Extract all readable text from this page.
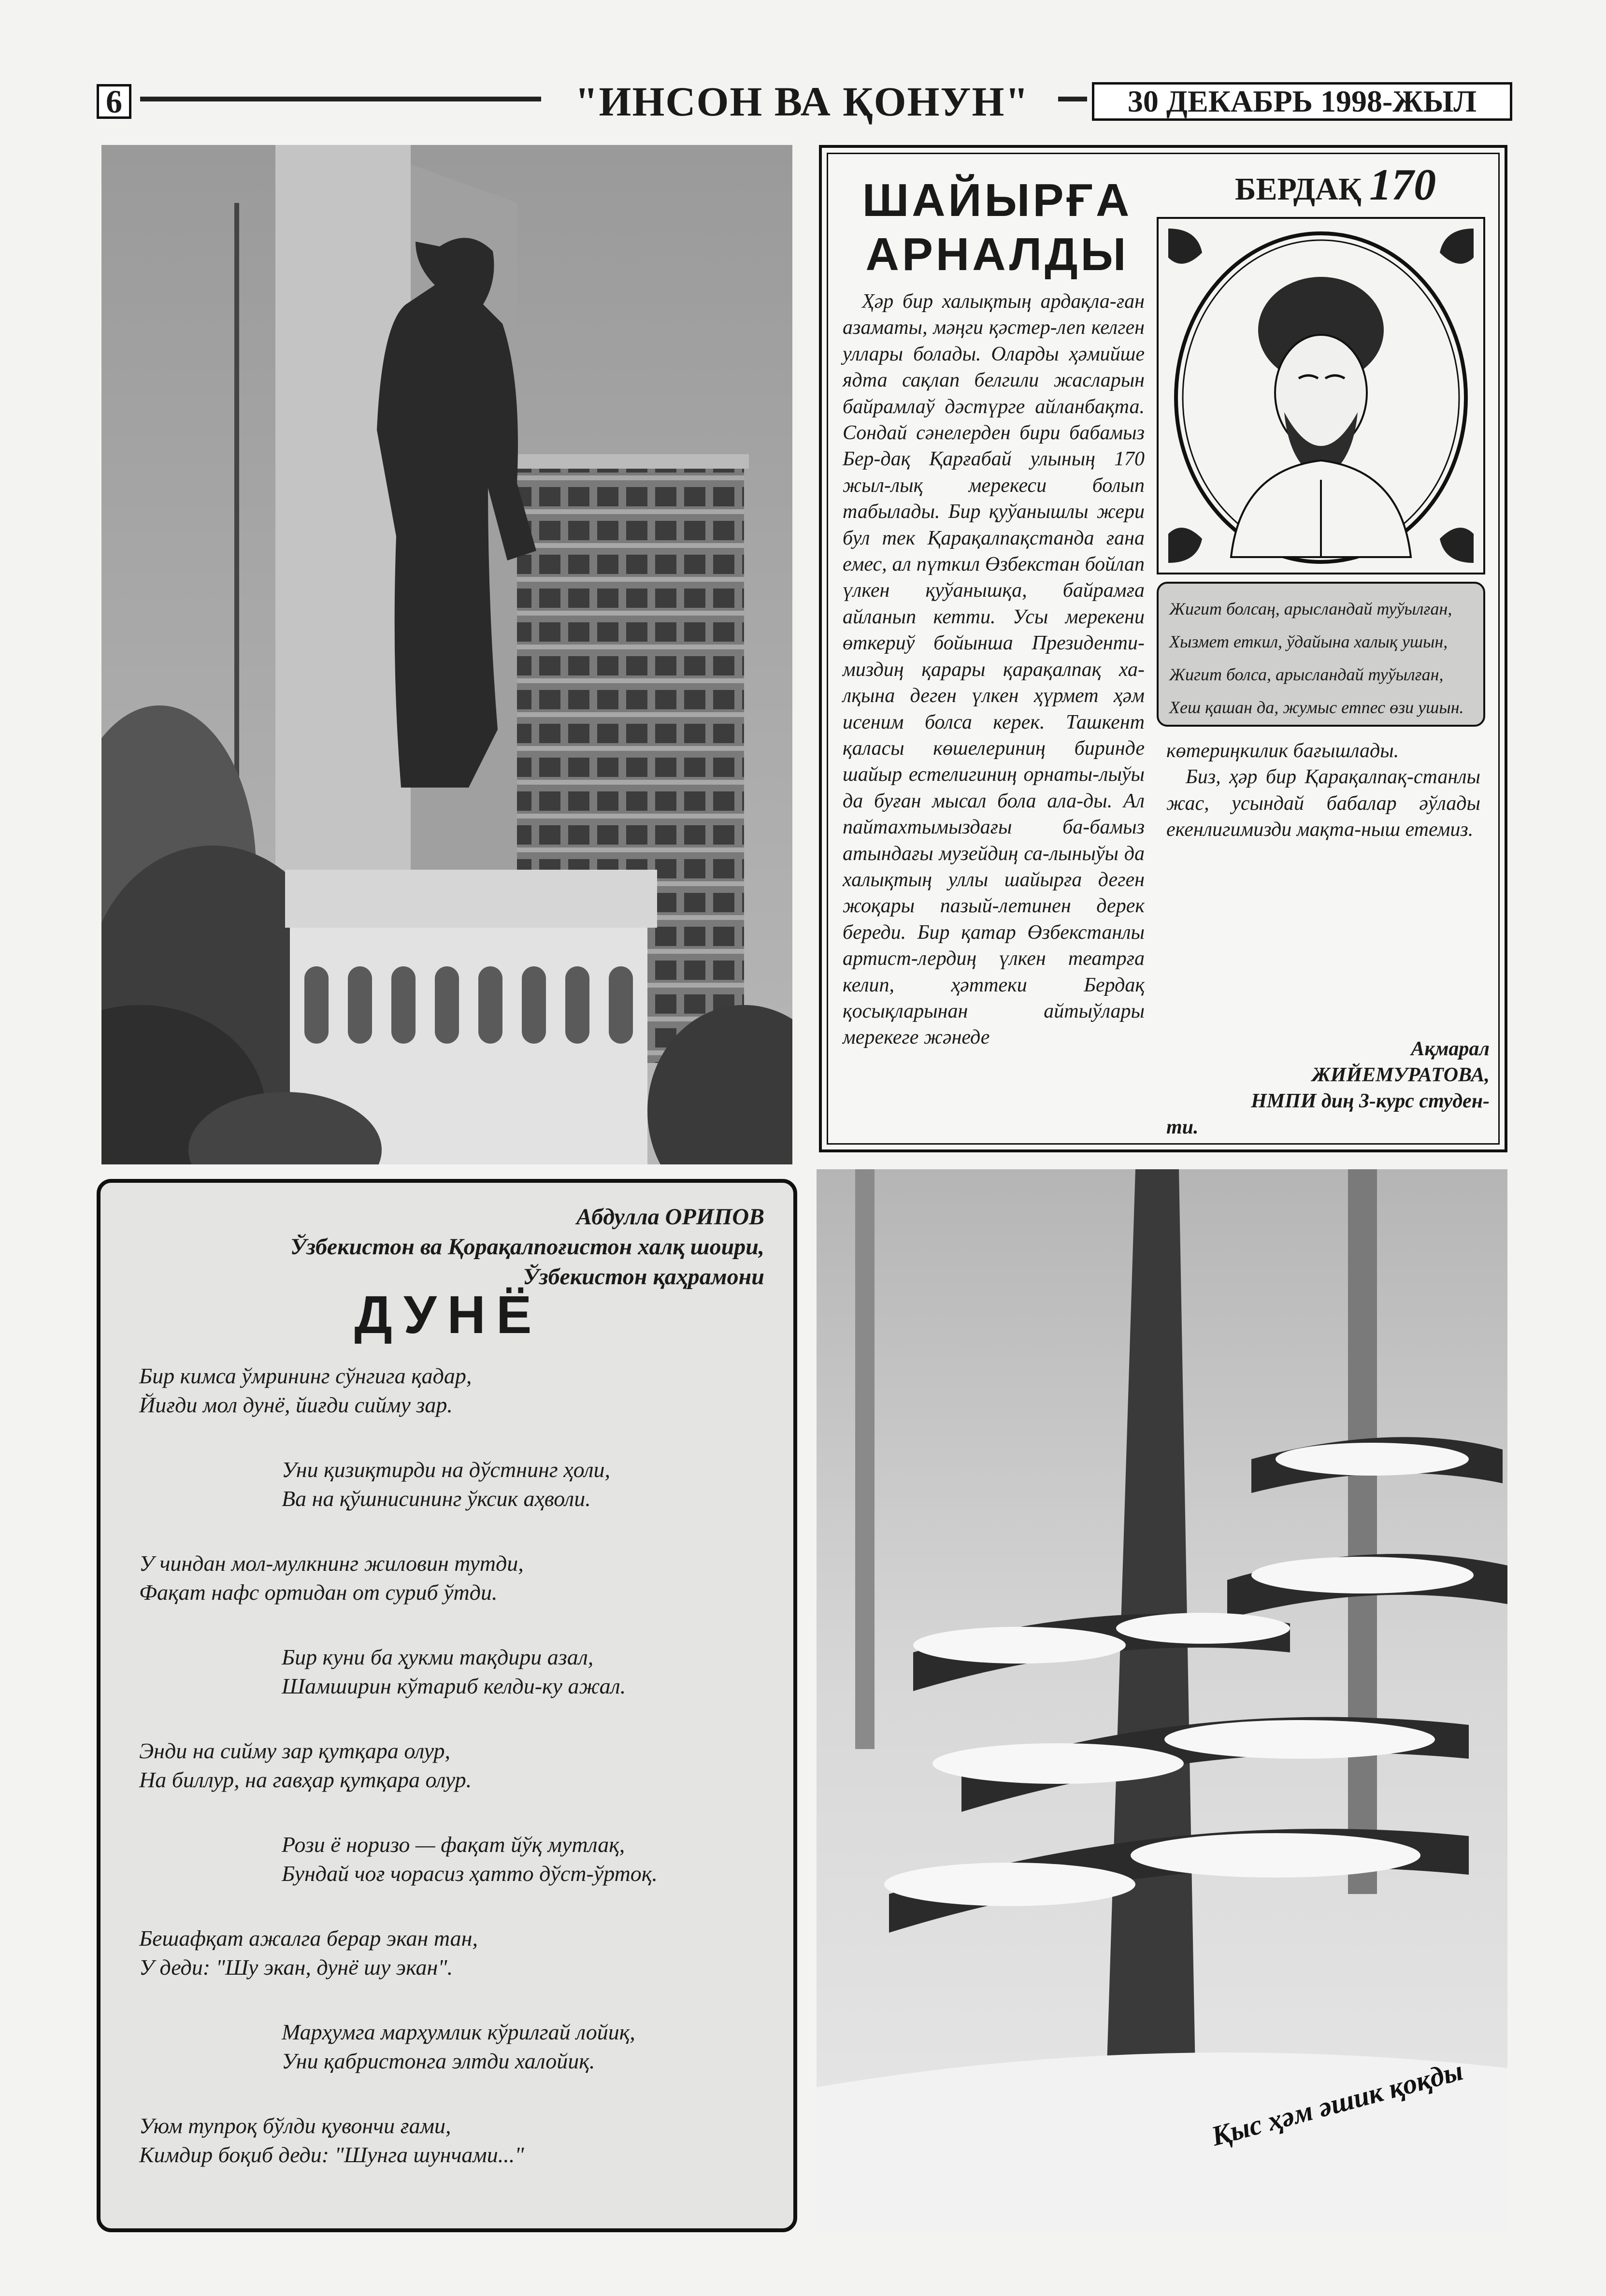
6	"ИНСОН ВА ҚОНУН"	30 ДЕКАБРЬ 1998-ЖЫЛ
ШАЙЫРҒА
АРНАЛДЫ
БЕРДАҚ 170
Жигит болсаң, арысландай туўылған,
Хызмет еткил, ўдайына халық ушын,
Жигит болса, арысландай туўылған,
Хеш қашан да, жумыс етпес өзи ушын.

Ҳәр бир халықтың ардақла-ған азаматы, мәңги қәстер-леп келген уллары болады. Оларды ҳәмийше ядта сақлап белгили жасларын байрамлаў дәстүрге айланбақта. Сондай сәнелерден бири бабамыз Бер-дақ Қарғабай улының 170 жыл-лық мерекеси болып табылады. Бир қуўанышлы жери бул тек Қарақалпақстанда ғана емес, ал пүткил Өзбекстан бойлап үлкен қуўанышқа, байрамға айланып кетти. Усы мерекени өткериў бойынша Президенти-миздиң қарары қарақалпақ ха-лқына деген үлкен ҳүрмет ҳәм исеним болса керек. Ташкент қаласы көшелериниң биринде шайыр естелигиниң орнаты-лыўы да буған мысал бола ала-ды. Ал пайтахтымыздағы ба-бамыз атындағы музейдиң са-лыныўы да халықтың уллы шайырға деген жоқары пазый-летинен дерек береди. Бир қатар Өзбекстанлы артист-лердиң үлкен театрға келип, ҳәттеки Бердақ қосықларынан айтыўлары мерекеге жәнеде

көтериңкилик бағышлады.

Биз, ҳәр бир Қарақалпақ-станлы жас, усындай бабалар әўлады екенлигимизди мақта-ныш етемиз.

Ақмарал
ЖИЙЕМУРАТОВА,
НМПИ диң 3-курс студен-
ти.
Абдулла ОРИПОВ
Ўзбекистон ва Қорақалпоғистон халқ шоири,
Ўзбекистон қаҳрамони
ДУНЁ
Бир кимса ўмрининг сўнгига қадар,
Йиғди мол дунё, йиғди сийму зар.
Уни қизиқтирди на дўстнинг ҳоли,
Ва на қўшнисининг ўксик аҳволи.
У чиндан мол-мулкнинг жиловин тутди,
Фақат нафс ортидан от суриб ўтди.
Бир куни ба ҳукми тақдири азал,
Шамширин кўтариб келди-ку ажал.
Энди на сийму зар қутқара олур,
На биллур, на гавҳар қутқара олур.
Рози ё норизо — фақат йўқ мутлақ,
Бундай чоғ чорасиз ҳатто дўст-ўртоқ.
Бешафқат ажалга берар экан тан,
У деди: "Шу экан, дунё шу экан".
Марҳумга марҳумлик кўрилгай лойиқ,
Уни қабристонга элтди халойиқ.
Уюм тупроқ бўлди қувончи ғами,
Кимдир боқиб деди: "Шунга шунчами..."
Қыс ҳәм әшик қоқды
